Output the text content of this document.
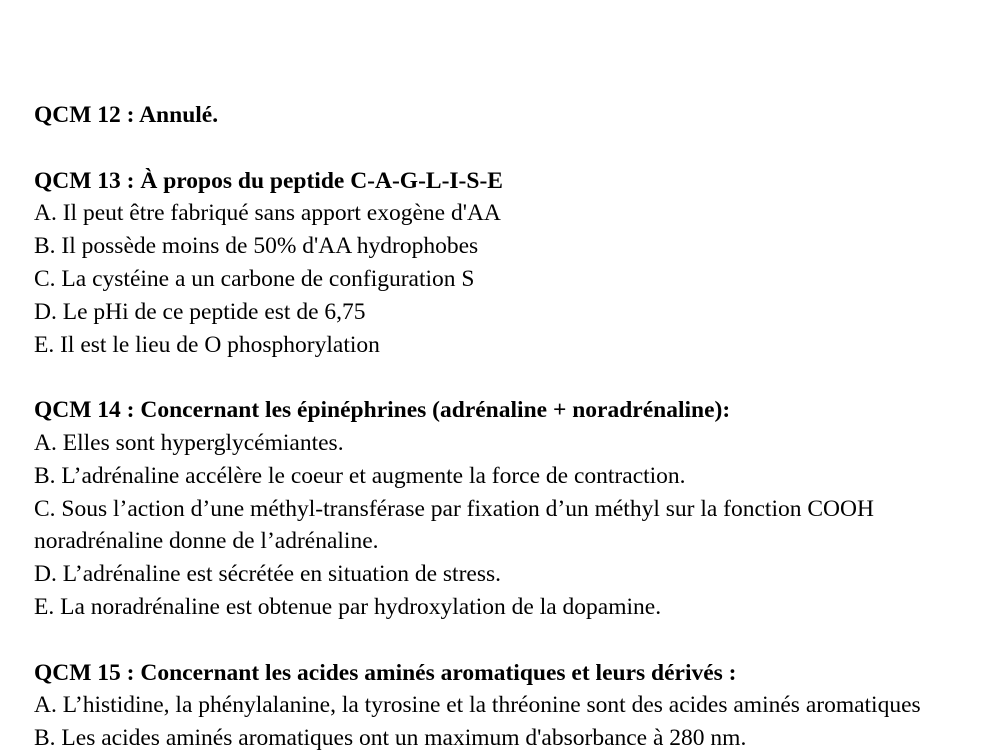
QCM 12 : Annulé.
QCM 13 : À propos du peptide C-A-G-L-I-S-E
A. Il peut être fabriqué sans apport exogène d'AA
B. Il possède moins de 50% d'AA hydrophobes
C. La cystéine a un carbone de configuration S
D. Le pHi de ce peptide est de 6,75
E. Il est le lieu de O phosphorylation
QCM 14 : Concernant les épinéphrines (adrénaline + noradrénaline):
A. Elles sont hyperglycémiantes.
B. L’adrénaline accélère le coeur et augmente la force de contraction.
C. Sous l’action d’une méthyl-transférase par fixation d’un méthyl sur la fonction COOH
noradrénaline donne de l’adrénaline.
D. L’adrénaline est sécrétée en situation de stress.
E. La noradrénaline est obtenue par hydroxylation de la dopamine.
QCM 15 : Concernant les acides aminés aromatiques et leurs dérivés :
A. L’histidine, la phénylalanine, la tyrosine et la thréonine sont des acides aminés aromatiques
B. Les acides aminés aromatiques ont un maximum d'absorbance à 280 nm.
